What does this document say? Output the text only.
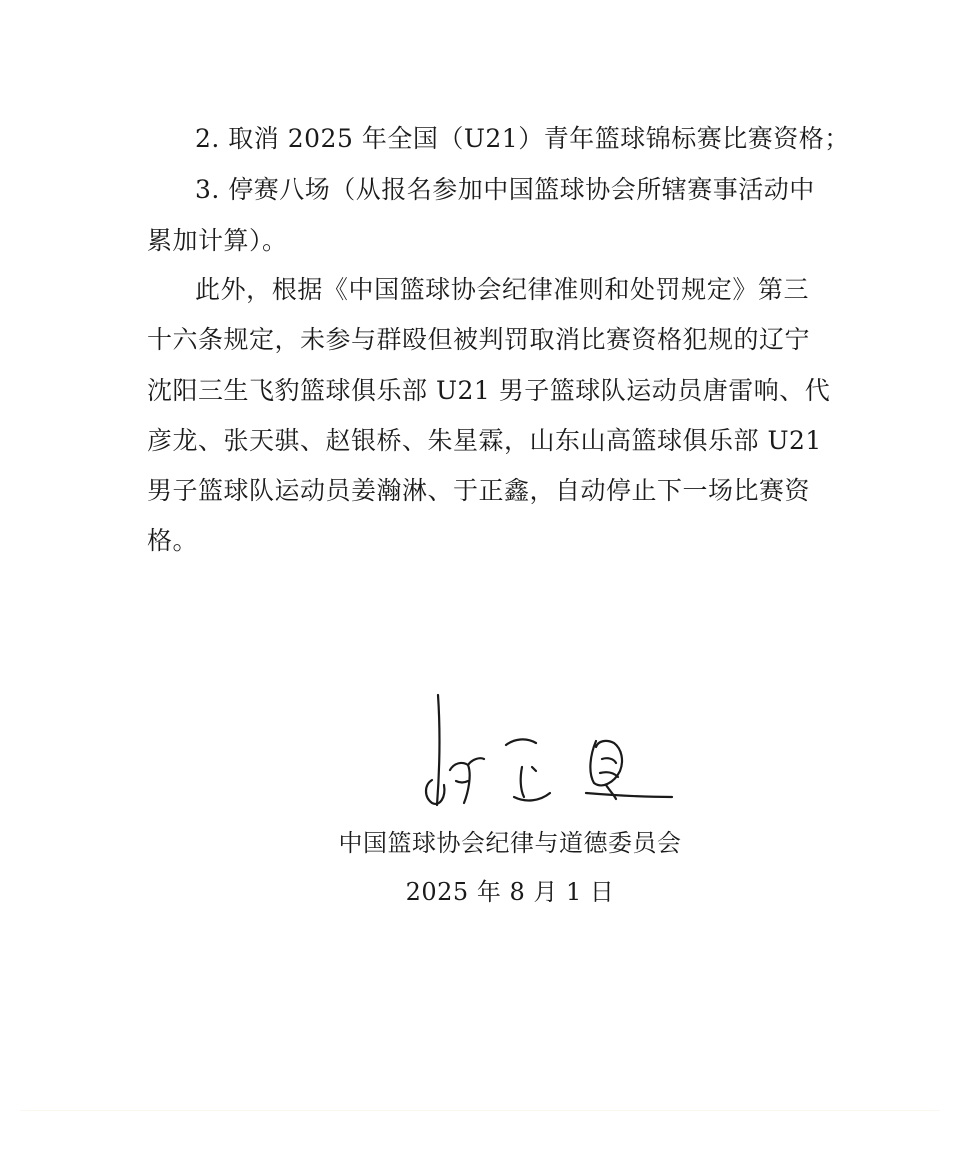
2. 取消 2025 年全国（U21）青年篮球锦标赛比赛资格；
3. 停赛八场（从报名参加中国篮球协会所辖赛事活动中
累加计算）。
此外，根据《中国篮球协会纪律准则和处罚规定》第三
十六条规定，未参与群殴但被判罚取消比赛资格犯规的辽宁
沈阳三生飞豹篮球俱乐部 U21 男子篮球队运动员唐雷响、代
彦龙、张天骐、赵银桥、朱星霖，山东山高篮球俱乐部 U21
男子篮球队运动员姜瀚淋、于正鑫，自动停止下一场比赛资
格。
中国篮球协会纪律与道德委员会
2025 年 8 月 1 日
